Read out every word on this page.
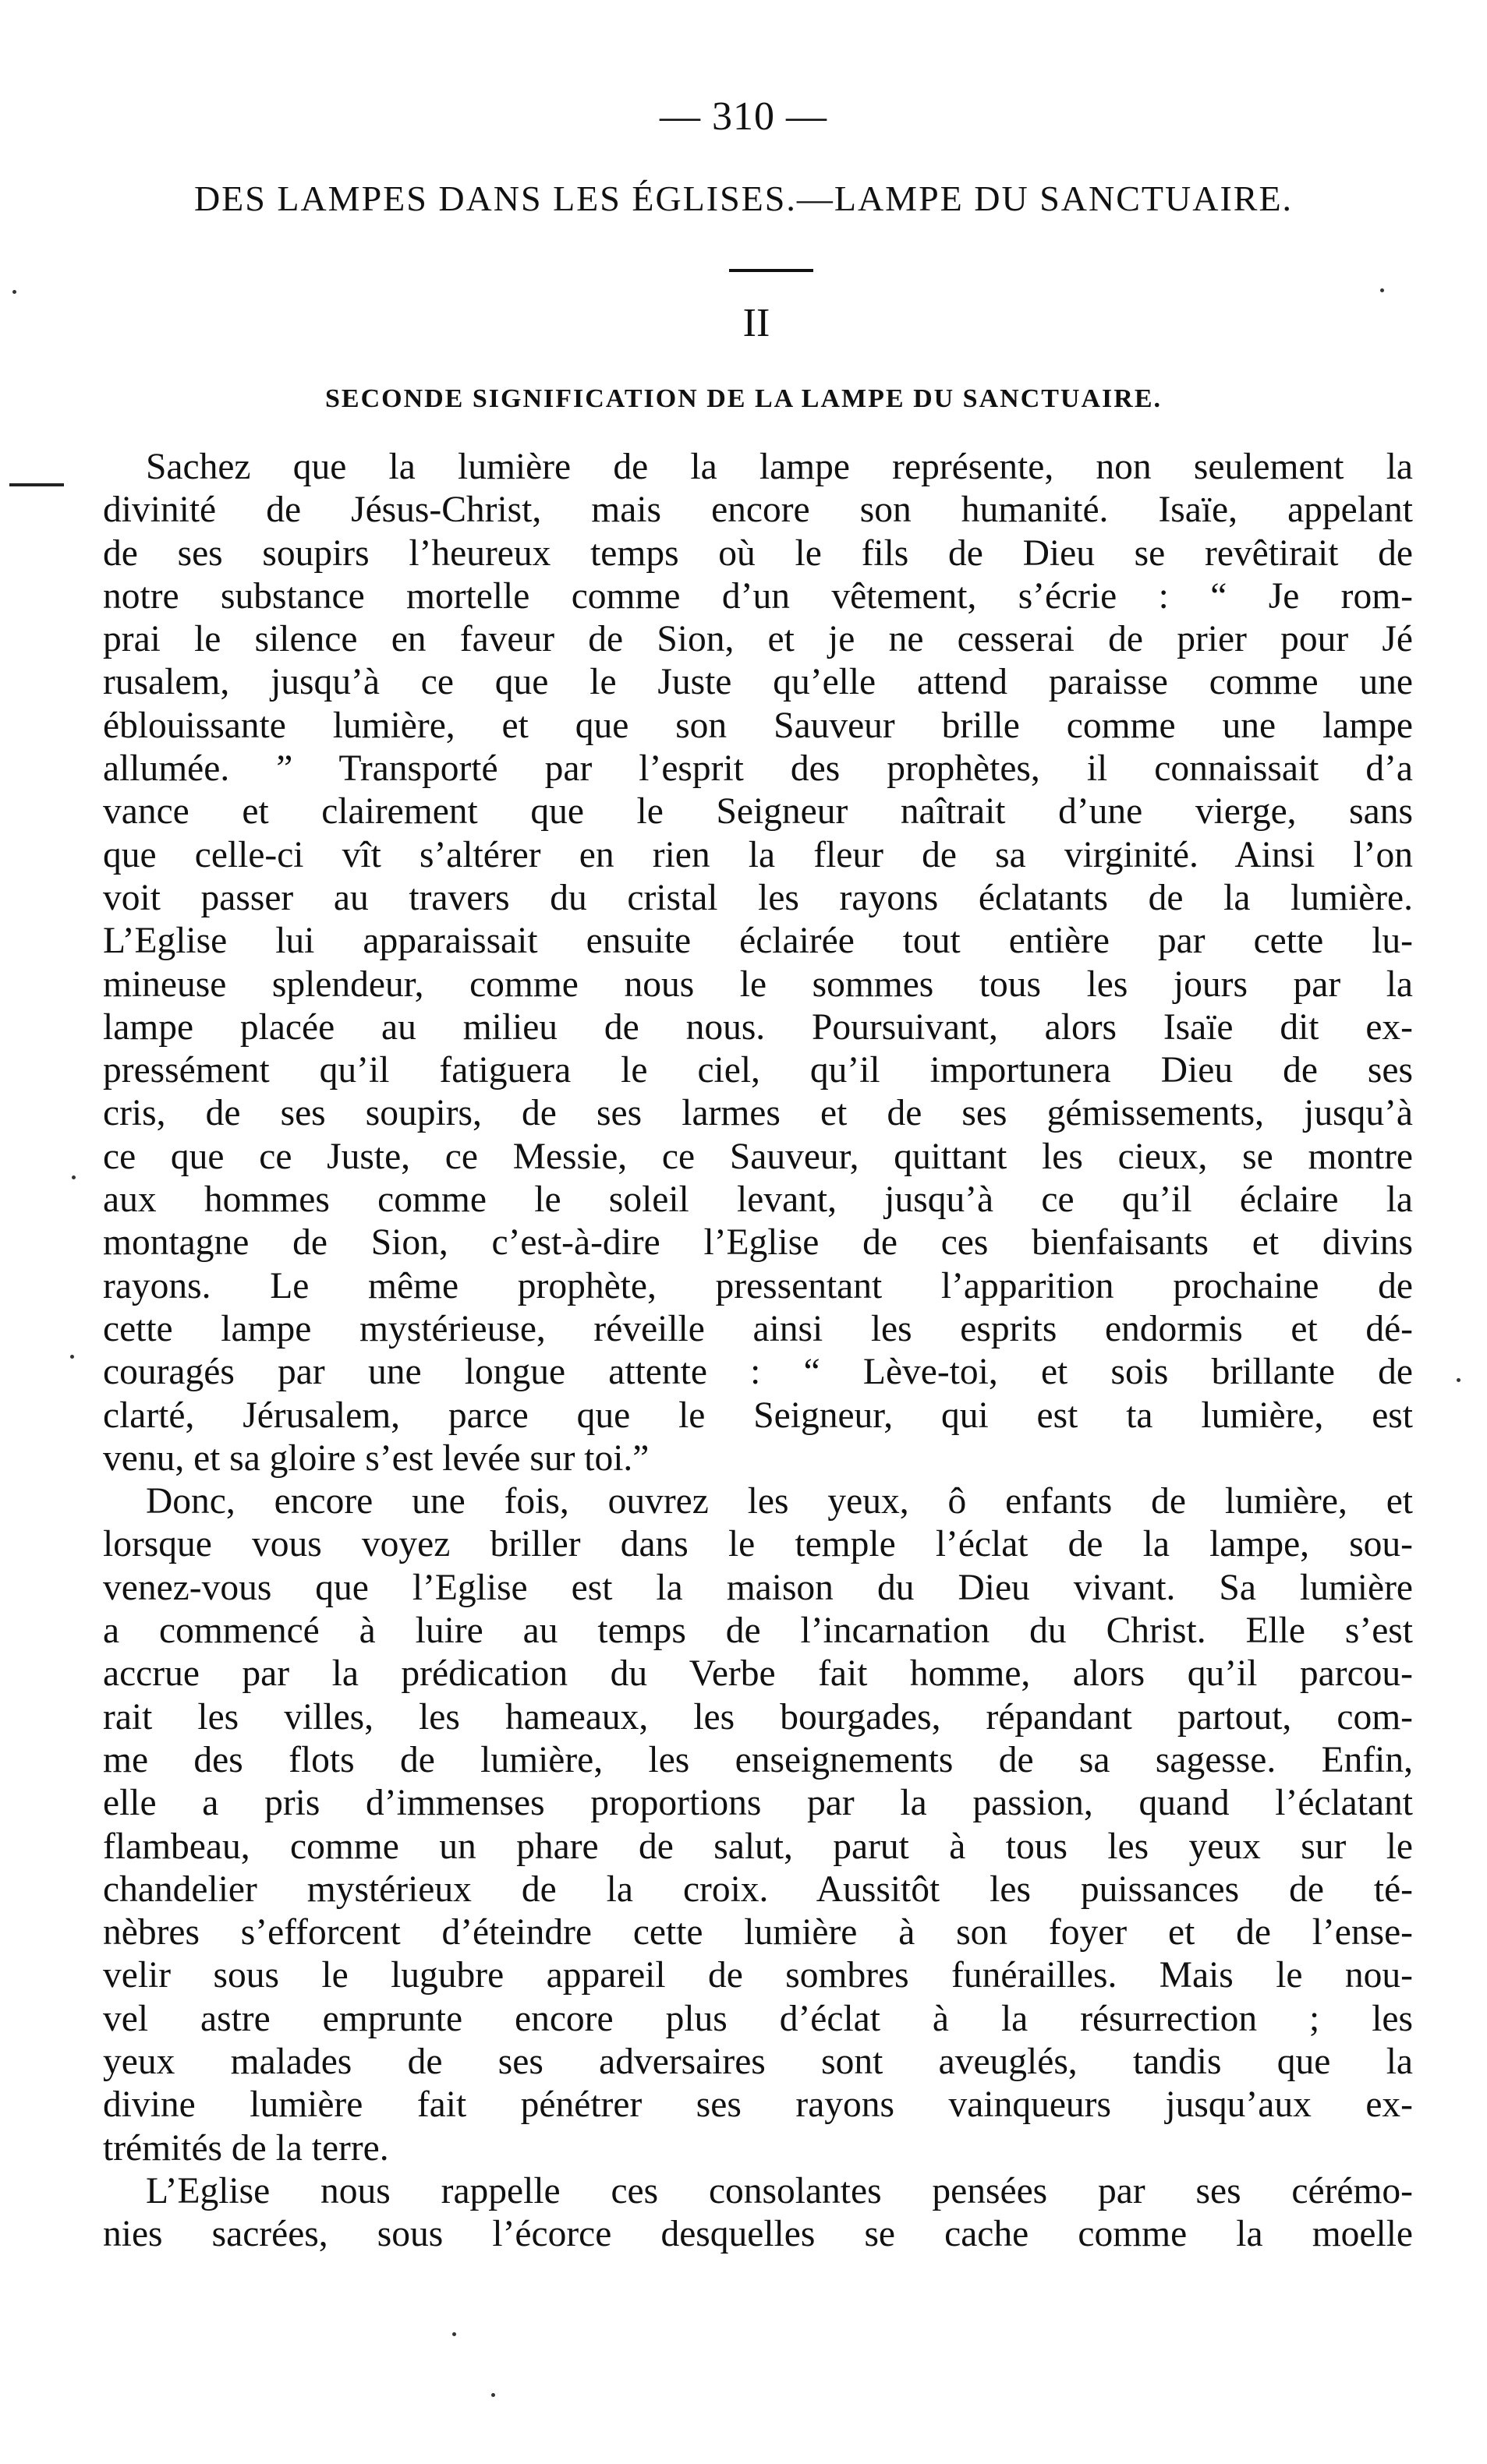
— 310 —
DES LAMPES DANS LES ÉGLISES.—LAMPE DU SANCTUAIRE.
II
SECONDE SIGNIFICATION DE LA LAMPE DU SANCTUAIRE.

Sachez que la lumière de la lampe représente, non seulement la
divinité de Jésus-Christ, mais encore son humanité. Isaïe, appelant
de ses soupirs l’heureux temps où le fils de Dieu se revêtirait de
notre substance mortelle comme d’un vêtement, s’écrie : “ Je rom-
prai le silence en faveur de Sion, et je ne cesserai de prier pour Jé
rusalem, jusqu’à ce que le Juste qu’elle attend paraisse comme une
éblouissante lumière, et que son Sauveur brille comme une lampe
allumée. ” Transporté par l’esprit des prophètes, il connaissait d’a
vance et clairement que le Seigneur naîtrait d’une vierge, sans
que celle-ci vît s’altérer en rien la fleur de sa virginité. Ainsi l’on
voit passer au travers du cristal les rayons éclatants de la lumière.
L’Eglise lui apparaissait ensuite éclairée tout entière par cette lu-
mineuse splendeur, comme nous le sommes tous les jours par la
lampe placée au milieu de nous. Poursuivant, alors Isaïe dit ex-
pressément qu’il fatiguera le ciel, qu’il importunera Dieu de ses
cris, de ses soupirs, de ses larmes et de ses gémissements, jusqu’à
ce que ce Juste, ce Messie, ce Sauveur, quittant les cieux, se montre
aux hommes comme le soleil levant, jusqu’à ce qu’il éclaire la
montagne de Sion, c’est-à-dire l’Eglise de ces bienfaisants et divins
rayons. Le même prophète, pressentant l’apparition prochaine de
cette lampe mystérieuse, réveille ainsi les esprits endormis et dé-
couragés par une longue attente : “ Lève-toi, et sois brillante de
clarté, Jérusalem, parce que le Seigneur, qui est ta lumière, est
venu, et sa gloire s’est levée sur toi.”

Donc, encore une fois, ouvrez les yeux, ô enfants de lumière, et
lorsque vous voyez briller dans le temple l’éclat de la lampe, sou-
venez-vous que l’Eglise est la maison du Dieu vivant. Sa lumière
a commencé à luire au temps de l’incarnation du Christ. Elle s’est
accrue par la prédication du Verbe fait homme, alors qu’il parcou-
rait les villes, les hameaux, les bourgades, répandant partout, com-
me des flots de lumière, les enseignements de sa sagesse. Enfin,
elle a pris d’immenses proportions par la passion, quand l’éclatant
flambeau, comme un phare de salut, parut à tous les yeux sur le
chandelier mystérieux de la croix. Aussitôt les puissances de té-
nèbres s’efforcent d’éteindre cette lumière à son foyer et de l’ense-
velir sous le lugubre appareil de sombres funérailles. Mais le nou-
vel astre emprunte encore plus d’éclat à la résurrection ; les
yeux malades de ses adversaires sont aveuglés, tandis que la
divine lumière fait pénétrer ses rayons vainqueurs jusqu’aux ex-
trémités de la terre.

L’Eglise nous rappelle ces consolantes pensées par ses cérémo-
nies sacrées, sous l’écorce desquelles se cache comme la moelle
